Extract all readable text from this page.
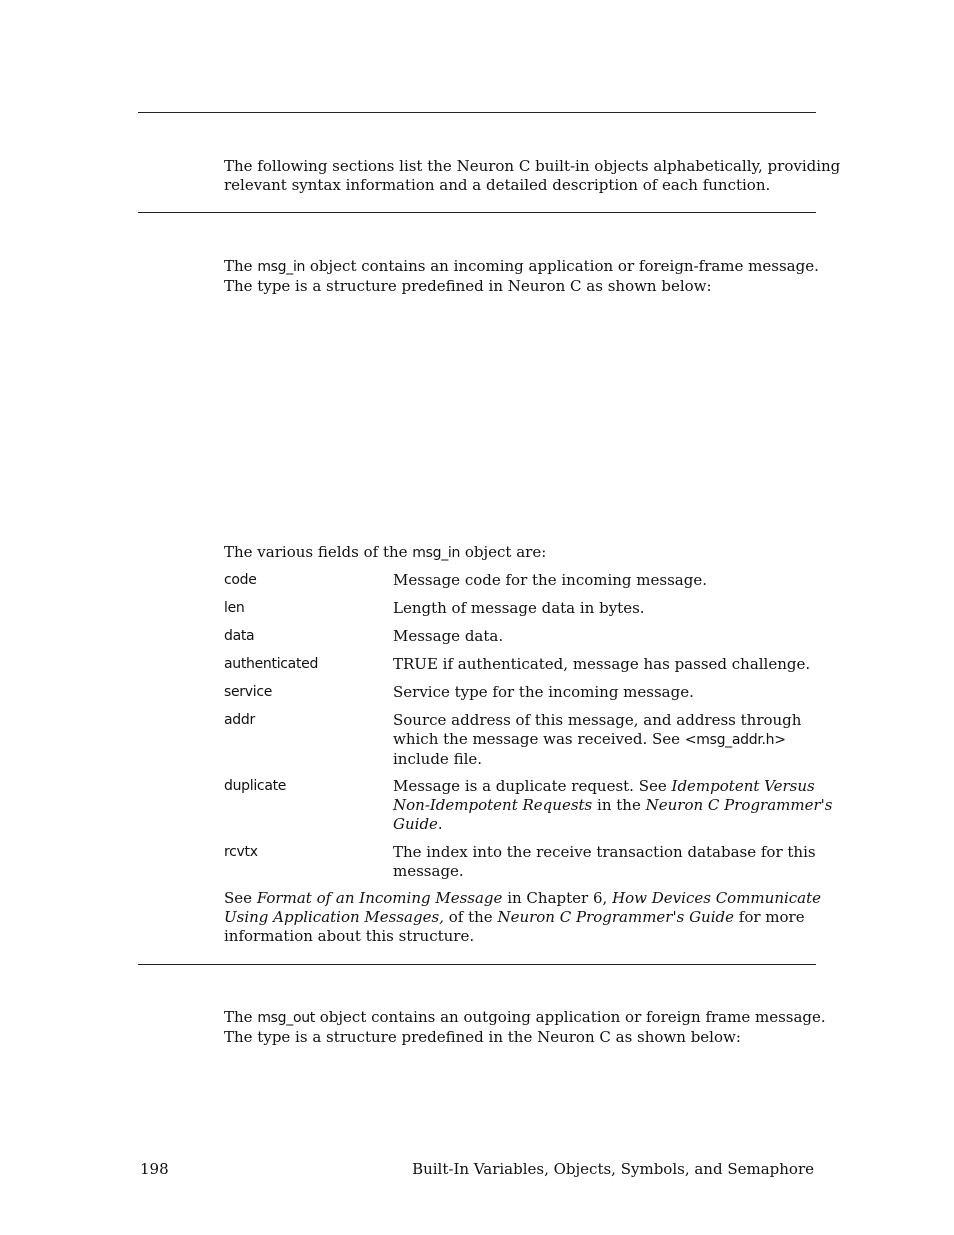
The following sections list the Neuron C built-in objects alphabetically, providing
relevant syntax information and a detailed description of each function.
The msg_in object contains an incoming application or foreign-frame message.
The type is a structure predefined in Neuron C as shown below:
The various fields of the msg_in object are:
code	Message code for the incoming message.
len	Length of message data in bytes.
data	Message data.
authenticated	TRUE if authenticated, message has passed challenge.
service	Service type for the incoming message.
addr	Source address of this message, and address through
which the message was received. See <msg_addr.h>
include file.
duplicate	Message is a duplicate request. See Idempotent Versus
Non-Idempotent Requests in the Neuron C Programmer's
Guide.
rcvtx	The index into the receive transaction database for this
message.
See Format of an Incoming Message in Chapter 6, How Devices Communicate
Using Application Messages, of the Neuron C Programmer's Guide for more
information about this structure.
The msg_out object contains an outgoing application or foreign frame message.
The type is a structure predefined in the Neuron C as shown below:
198	Built-In Variables, Objects, Symbols, and Semaphore
